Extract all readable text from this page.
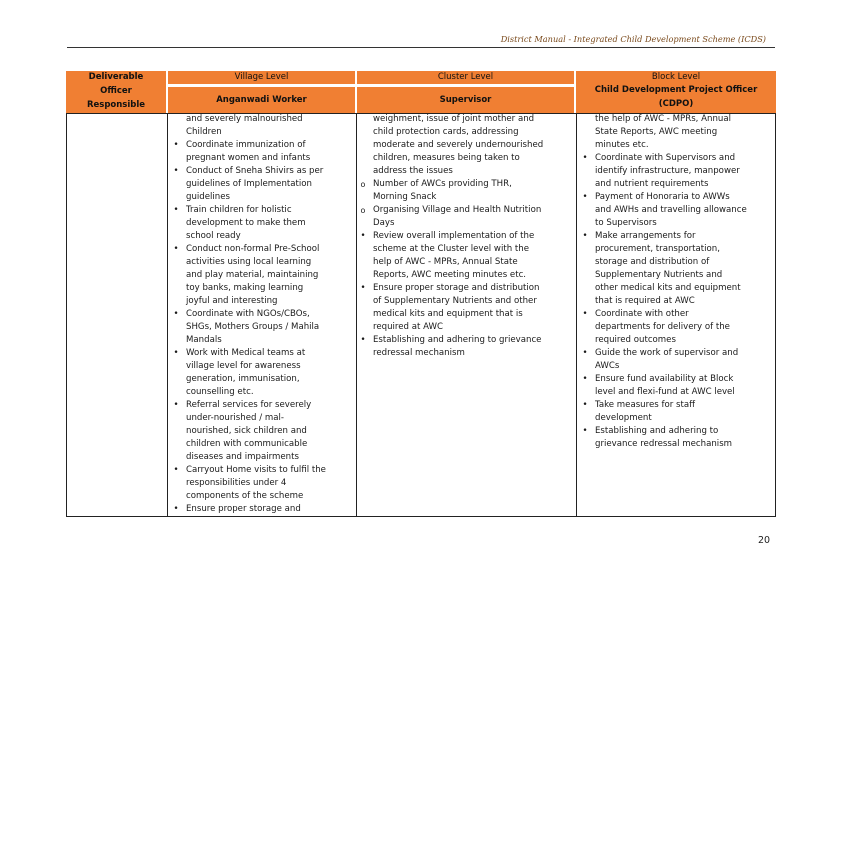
District Manual - Integrated Child Development Scheme (ICDS)
Deliverable
Officer
Responsible
Village Level
Anganwadi Worker
Cluster Level
Supervisor
Block Level
Child Development Project Officer
(CDPO)
and severely malnourished
Children
• Coordinate immunization of
pregnant women and infants
• Conduct of Sneha Shivirs as per
guidelines of Implementation
guidelines
• Train children for holistic
development to make them
school ready
• Conduct non-formal Pre-School
activities using local learning
and play material, maintaining
toy banks, making learning
joyful and interesting
• Coordinate with NGOs/CBOs,
SHGs, Mothers Groups / Mahila
Mandals
• Work with Medical teams at
village level for awareness
generation, immunisation,
counselling etc.
• Referral services for severely
under-nourished / mal-
nourished, sick children and
children with communicable
diseases and impairments
• Carryout Home visits to fulfil the
responsibilities under 4
components of the scheme
• Ensure proper storage and
weighment, issue of joint mother and
child protection cards, addressing
moderate and severely undernourished
children, measures being taken to
address the issues
o Number of AWCs providing THR,
Morning Snack
o Organising Village and Health Nutrition
Days
• Review overall implementation of the
scheme at the Cluster level with the
help of AWC - MPRs, Annual State
Reports, AWC meeting minutes etc.
• Ensure proper storage and distribution
of Supplementary Nutrients and other
medical kits and equipment that is
required at AWC
• Establishing and adhering to grievance
redressal mechanism
the help of AWC - MPRs, Annual
State Reports, AWC meeting
minutes etc.
• Coordinate with Supervisors and
identify infrastructure, manpower
and nutrient requirements
• Payment of Honoraria to AWWs
and AWHs and travelling allowance
to Supervisors
• Make arrangements for
procurement, transportation,
storage and distribution of
Supplementary Nutrients and
other medical kits and equipment
that is required at AWC
• Coordinate with other
departments for delivery of the
required outcomes
• Guide the work of supervisor and
AWCs
• Ensure fund availability at Block
level and flexi-fund at AWC level
• Take measures for staff
development
• Establishing and adhering to
grievance redressal mechanism
20
